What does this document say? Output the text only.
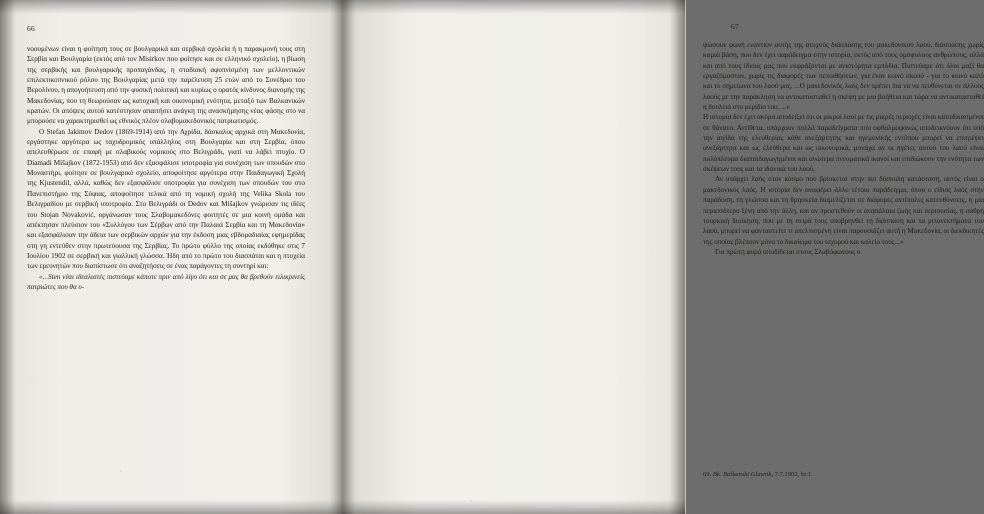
66

νοουμένων είναι η φοίτηση τους σε βουλγαρικά και σερβικά σχολεία ή η παρακμονή τους στη Σερβία και Βουλγαρία (εκτός από τον Misirkov που φοίτησε και σε ελληνικό σχολείο), η βίωση της σερβικής και βουλγαρικής προπαγάνδας, η σταδιακή αφυπνίσμένη των μελλοντικών επιλεκτικοπνικού ρόλου της Βουλγαρίας μετά την παρέλευση 25 ετών από το Συνέδριο του Βερολίνου, η απογοήτευση από την φυσική πολιτική και κυρίως ο ορατός κίνδυνος διανομής της Μακεδονίας, που τη θεωρούσαν ως κατοχική και οικονομική ενότητα, μεταξύ των Βαλκανικών κρατών. Οι απόψεις αυτού κατέστησαν απαιτήσει ανάγκη της ανασκήμησης νέας φάσης στο να μπορούσε να χαρακτηρισθεί ως εθνικός πλέον σλαβομακεδονικός πατριωτισμός.

Ο Stefan Jakimov Dedov (1869-1914) από την Αχρίδα, δάσκαλος αρχικά στη Μακεδονία, εργάστηκε αργότερα ως ταχυδρομικός υπάλληλος στη Βουλγαρία και στη Σερβία, όπου απελευθέρωσε σε επαφή με σλαβικούς νομικούς στο Βελιγράδι, γιατί να λάβει πτυχίο. Ο Diamadi Mišajkov (1872-1953) από δεν εξασφάλισε υποτροφία για συνέχιση των σπουδών στο Μοναστήρι, φοίτησε σε βουλγαρικό σχολείο, αποφοίτησε αργότερα στην Παιδαγωγική Σχολή της Kjustendil, αλλά, καθώς δεν εξασφάλισε υποτροφία για συνέχιση των σπουδών του στο Πανεπιστήμιο της Σόφιας, αποφοίτησε τελικά από τη νομική σχολή της Velika Skola του Βελιγραδίου με σερβική υποτροφία. Στο Βελιγράδι οι Dedov και Mišajkov γνώρισαν τις ιδέες του Stojan Novaković, οργάνωσαν τους Σλαβομακεδόνες φοιτητές σε μια κοινή ομάδα και απέκτησαν πλεύσιον του «Συλλόγου των Σέρβων από την Παλαιά Σερβία και τη Μακεδονία» και εξασφάλισαν την άδεια των σερβικών αρχών για την έκδοση μιας εβδομαδιαίας εφημερίδας στη γη εντεύθεν στην πρωτεύουσα της Σερβίας. Το πρώτο φύλλο της οποίας εκδόθηκε στις 7 Ιουλίου 1902 σε σερβική και γιαλλική γλώσσα. Ήδη από το πρώτο του διασπάται και η πτυχεία των ερευνητών που διαπίστωσε ότι αναζητήσεις σε ένας παράγοντες τη συντηρί και:

«...Sten νέαι ιδεαλιστές πιστεύαμε κάποτε πριν από λίγο ότι και σε μας θα βρεθούν ειλικρινείς πατριώτες που θα υ-

67

ψώσουν φωνή εναντίον αυτής της ατυχούς διάσπασης του μακεδονικού λαού, διάσπασης χωρίς καμιά βάση, που δεν έχει παράδειγμα στην ιστορία, εκτός από τους ομόφυλους ανθρώπους, αλλά και από τους ίδιους μας που εκφράζονται με ανιστόρητα εμπόδια. Πιστεύαμε ότι όλοι μαζί θα εργαζόμασταν, χωρίς τις διαφορές των πεποιθήσεων, για έναν κοινό σκοπό - για το κοινό καλό και το σημείωνα του λαού μας. ...Ο μακεδονικός λαός δεν πρέπει πια να να πευθύνεται σε άλλους λαούς με την παράκληση να αντικατασταθεί η σκέψη με μια βοήθεια και τώρα να αντικατασταθεί η δουλειά στο μερίδιο του. ...»

Η ιστορία δεν έχει ακόμα αποδείξει ότι οι μικροί λαοί με τις μικρές περιοχές είναι καταδικασμένοι σε θάνατο. Αντίθετα, υπάρχουν πολλά παραδείγματα που οφθαλμοφανώς αποδεικνύουν ότι υπό την αιγίδα της ελευθερίας κάθε ανεξάρτητης και ηγεμονικής εντύπου μπορεί να επιτρέψει ανεξάρτητα και ως ελεύθερα και ως οικονομικά, μονάχα αν οι ηγέτες αυτού του λαού είναι πολύπλευρα διαπαιδαγωγημένοι και ανώτερα πνευματικά ικανοί και επιδιώκουν την ενότητα των σκέψεων τους και τα ιδανικά του λαού.

Αν υπάρχει λαός στον κόσμο που βρίσκεται στην πιο δύσκολη κατάσταση, αυτός είναι ο μακεδονικός λαός. Η ιστορία δεν αναφέρει άλλο τέτοιο παράδειγμα, όπου ο είδιος λαός στην παράδοση, τη γλώσσα και τη θρησκεία διαμελίζεται σε διάφορες αντίπαλες κατευθύνσεις, η μία περισσότερο ξένη από την άλλη, και αν προστεθούν οι αναπάλαια ζωής και περιουσίας, η σαθρή τουρκική διοίκηση, που με τη σειρά τους υποβρηνθεί τη διάσπαση και τα μειονεκτήματα του λαού, μπορεί να φανταστείτε τι απελπισμένη είναι παρουσιάζει αυτή η Μακεδονία, οι διεκδικητές της οποίας βλέπουν μόνο το δικαίωμα του ισχυρού και καλείο τους...»

Για πρώτη φορά αποδίδεται στους Σλαβόφωνους ο

69. Bk. Balkanski Glasnik, 7.7.1902, br.1.
